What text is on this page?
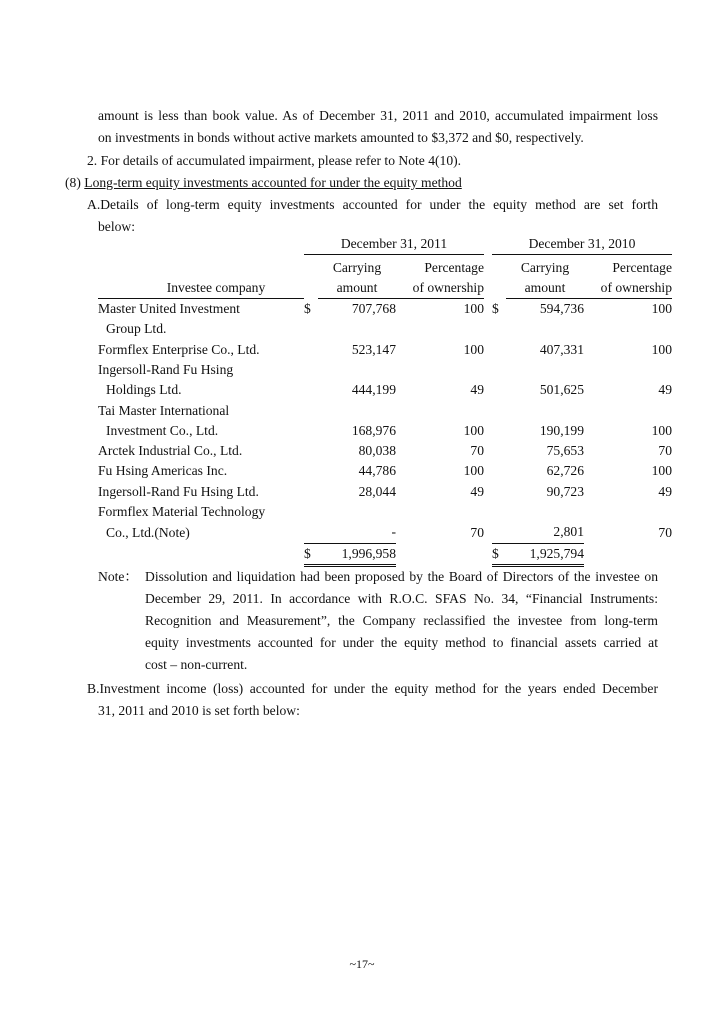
amount is less than book value. As of December 31, 2011 and 2010, accumulated impairment loss
on investments in bonds without active markets amounted to $3,372 and $0, respectively.
2. For details of accumulated impairment, please refer to Note 4(10).
(8) Long-term equity investments accounted for under the equity method
A.Details of long-term equity investments accounted for under the equity method are set forth
below:
	December 31, 2011				December 31, 2010		
		Carrying	Percentage			Carrying	Percentage
Investee company		amount	of ownership			amount	of ownership
Master United Investment	$	707,768	100		$	594,736	100
Group Ltd.							
Formflex Enterprise Co., Ltd.		523,147	100			407,331	100
Ingersoll-Rand Fu Hsing							
Holdings Ltd.		444,199	49			501,625	49
Tai Master International							
Investment Co., Ltd.		168,976	100			190,199	100
Arctek Industrial Co., Ltd.		80,038	70			75,653	70
Fu Hsing Americas Inc.		44,786	100			62,726	100
Ingersoll-Rand Fu Hsing Ltd.		28,044	49			90,723	49
Formflex Material Technology							
Co., Ltd.(Note)		-	70			2,801	70
	$	1,996,958			$	1,925,794	
Note： Dissolution and liquidation had been proposed by the Board of Directors of the investee on
December 29, 2011. In accordance with R.O.C. SFAS No. 34, “Financial Instruments:
Recognition and Measurement”, the Company reclassified the investee from long-term
equity investments accounted for under the equity method to financial assets carried at
cost – non-current.
B.Investment income (loss) accounted for under the equity method for the years ended December
31, 2011 and 2010 is set forth below:
~17~
